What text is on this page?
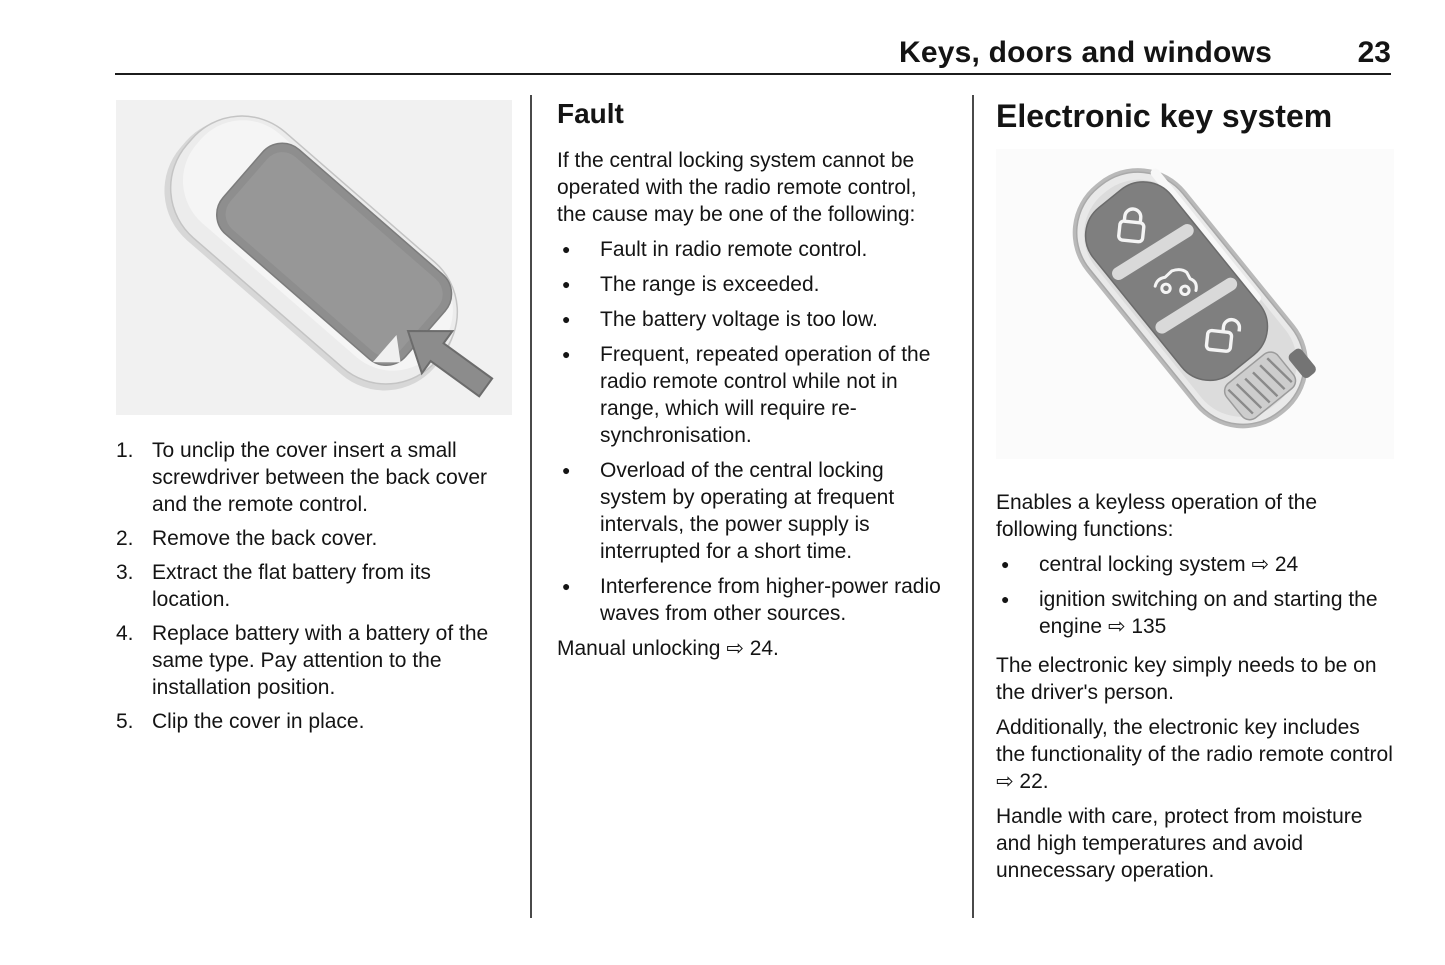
Keys, doors and windows	23
1. To unclip the cover insert a small screwdriver between the back cover and the remote control.
2. Remove the back cover.
3. Extract the flat battery from its location.
4. Replace battery with a battery of the same type. Pay attention to the installation position.
5. Clip the cover in place.
Fault

If the central locking system cannot be operated with the radio remote control, the cause may be one of the following:

● Fault in radio remote control.
● The range is exceeded.
● The battery voltage is too low.
● Frequent, repeated operation of the radio remote control while not in range, which will require re-synchronisation.
● Overload of the central locking system by operating at frequent intervals, the power supply is interrupted for a short time.
● Interference from higher-power radio waves from other sources.

Manual unlocking ⇨ 24.

Electronic key system

Enables a keyless operation of the following functions:

● central locking system ⇨ 24
● ignition switching on and starting the engine ⇨ 135

The electronic key simply needs to be on the driver's person.

Additionally, the electronic key includes the functionality of the radio remote control ⇨ 22.

Handle with care, protect from moisture and high temperatures and avoid unnecessary operation.
